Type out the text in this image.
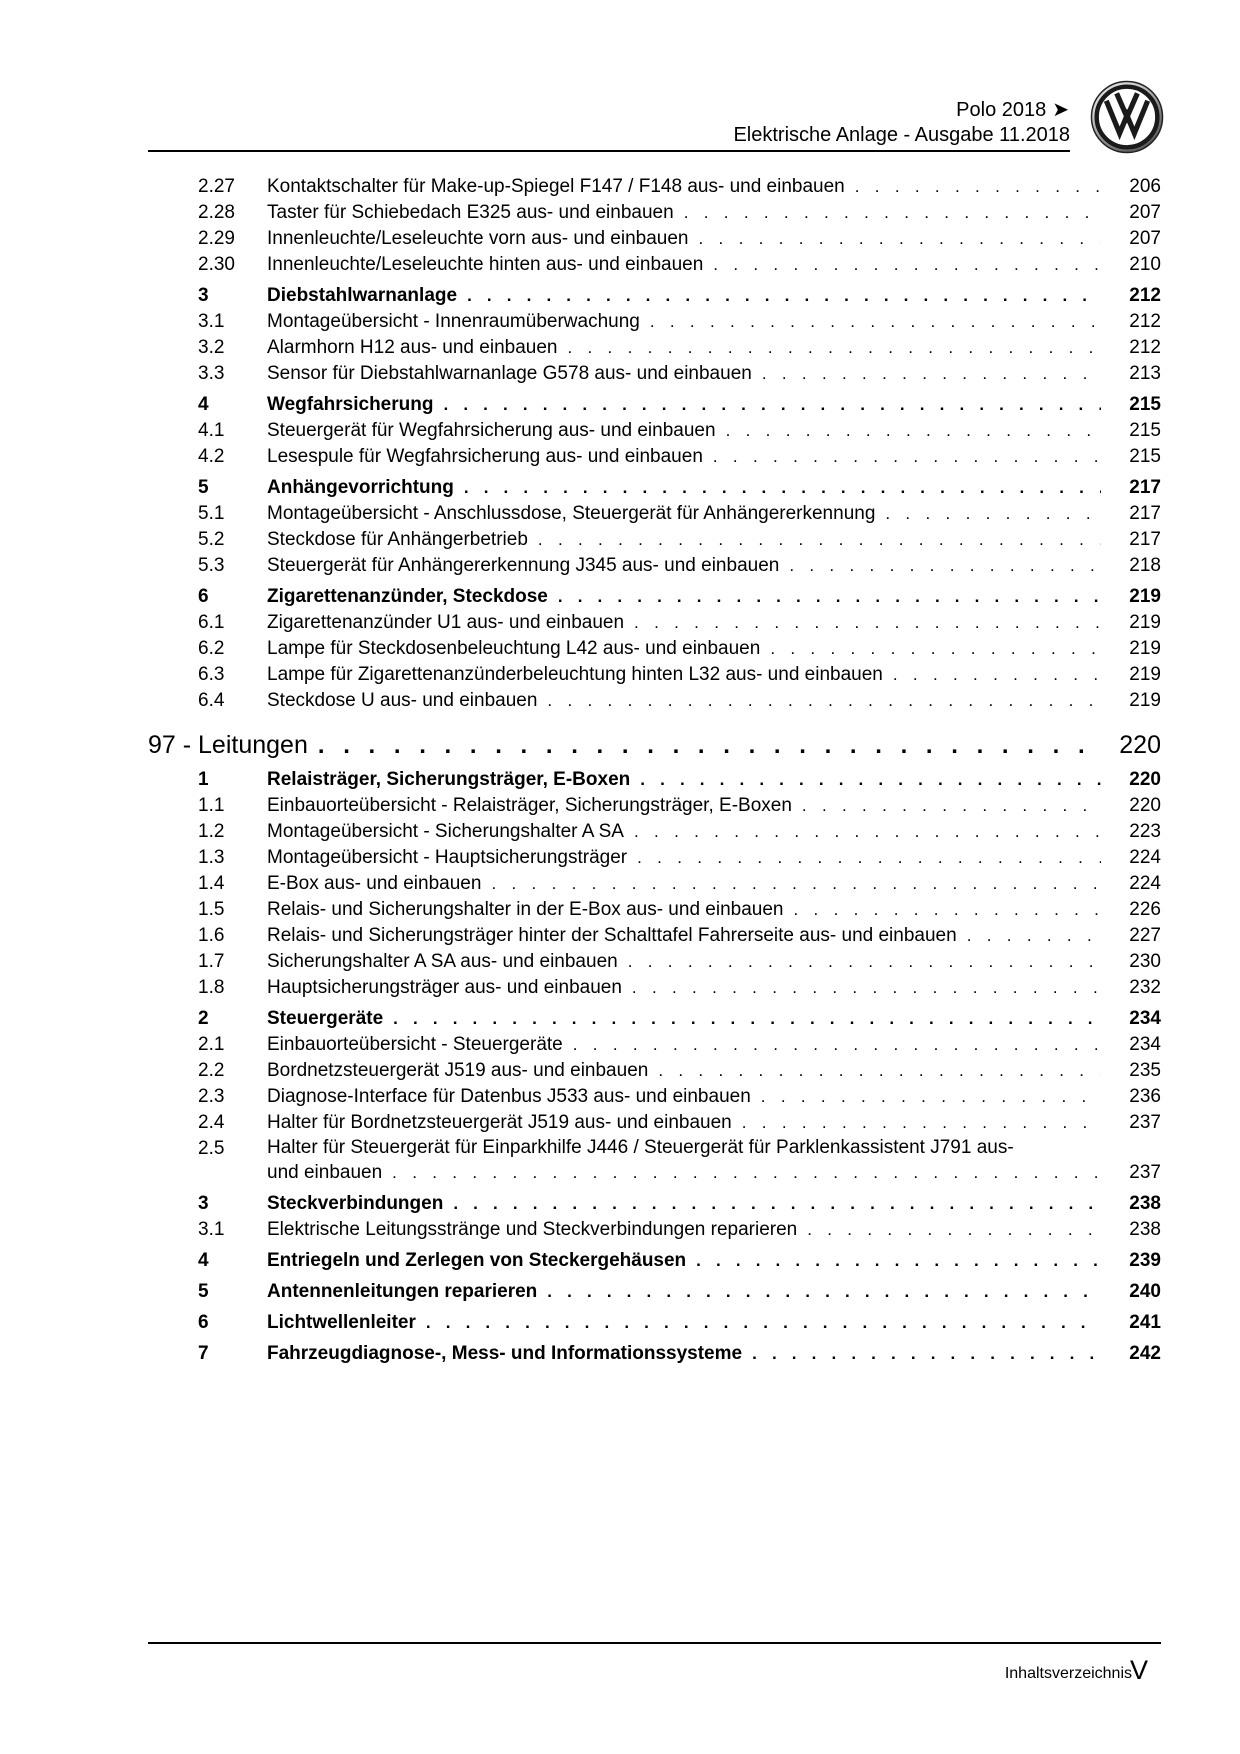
Polo 2018 ➤
Elektrische Anlage - Ausgabe 11.2018
2.27 Kontaktschalter für Make-up-Spiegel F147 / F148 aus- und einbauen . . .	206
2.28 Taster für Schiebedach E325 aus- und einbauen . . .	207
2.29 Innenleuchte/Leseleuchte vorn aus- und einbauen . . .	207
2.30 Innenleuchte/Leseleuchte hinten aus- und einbauen . . .	210
3	Diebstahlwarnanlage . . .	212
3.1 Montageübersicht - Innenraumüberwachung . . .	212
3.2 Alarmhorn H12 aus- und einbauen . . .	212
3.3 Sensor für Diebstahlwarnanlage G578 aus- und einbauen . . .	213
4	Wegfahrsicherung . . .	215
4.1 Steuergerät für Wegfahrsicherung aus- und einbauen . . .	215
4.2 Lesespule für Wegfahrsicherung aus- und einbauen . . .	215
5	Anhängevorrichtung . . .	217
5.1 Montageübersicht - Anschlussdose, Steuergerät für Anhängererkennung . . .	217
5.2 Steckdose für Anhängerbetrieb . . .	217
5.3 Steuergerät für Anhängererkennung J345 aus- und einbauen . . .	218
6	Zigarettenanzünder, Steckdose . . .	219
6.1 Zigarettenanzünder U1 aus- und einbauen . . .	219
6.2 Lampe für Steckdosenbeleuchtung L42 aus- und einbauen . . .	219
6.3 Lampe für Zigarettenanzünderbeleuchtung hinten L32 aus- und einbauen . . .	219
6.4 Steckdose U aus- und einbauen . . .	219
97 - Leitungen . . .	220
1	Relaisträger, Sicherungsträger, E-Boxen . . .	220
1.1 Einbauorteübersicht - Relaisträger, Sicherungsträger, E-Boxen . . .	220
1.2 Montageübersicht - Sicherungshalter A SA . . .	223
1.3 Montageübersicht - Hauptsicherungsträger . . .	224
1.4 E-Box aus- und einbauen . . .	224
1.5 Relais- und Sicherungshalter in der E-Box aus- und einbauen . . .	226
1.6 Relais- und Sicherungsträger hinter der Schalttafel Fahrerseite aus- und einbauen . . .	227
1.7 Sicherungshalter A SA aus- und einbauen . . .	230
1.8 Hauptsicherungsträger aus- und einbauen . . .	232
2	Steuergeräte . . .	234
2.1 Einbauorteübersicht - Steuergeräte . . .	234
2.2 Bordnetzsteuergerät J519 aus- und einbauen . . .	235
2.3 Diagnose-Interface für Datenbus J533 aus- und einbauen . . .	236
2.4 Halter für Bordnetzsteuergerät J519 aus- und einbauen . . .	237
2.5 Halter für Steuergerät für Einparkhilfe J446 / Steuergerät für Parklenkassistent J791 aus-
und einbauen . . .	237
3	Steckverbindungen . . .	238
3.1 Elektrische Leitungsstränge und Steckverbindungen reparieren . . .	238
4	Entriegeln und Zerlegen von Steckergehäusen . . .	239
5	Antennenleitungen reparieren . . .	240
6	Lichtwellenleiter . . .	241
7	Fahrzeugdiagnose-, Mess- und Informationssysteme . . .	242
Inhaltsverzeichnis
V
